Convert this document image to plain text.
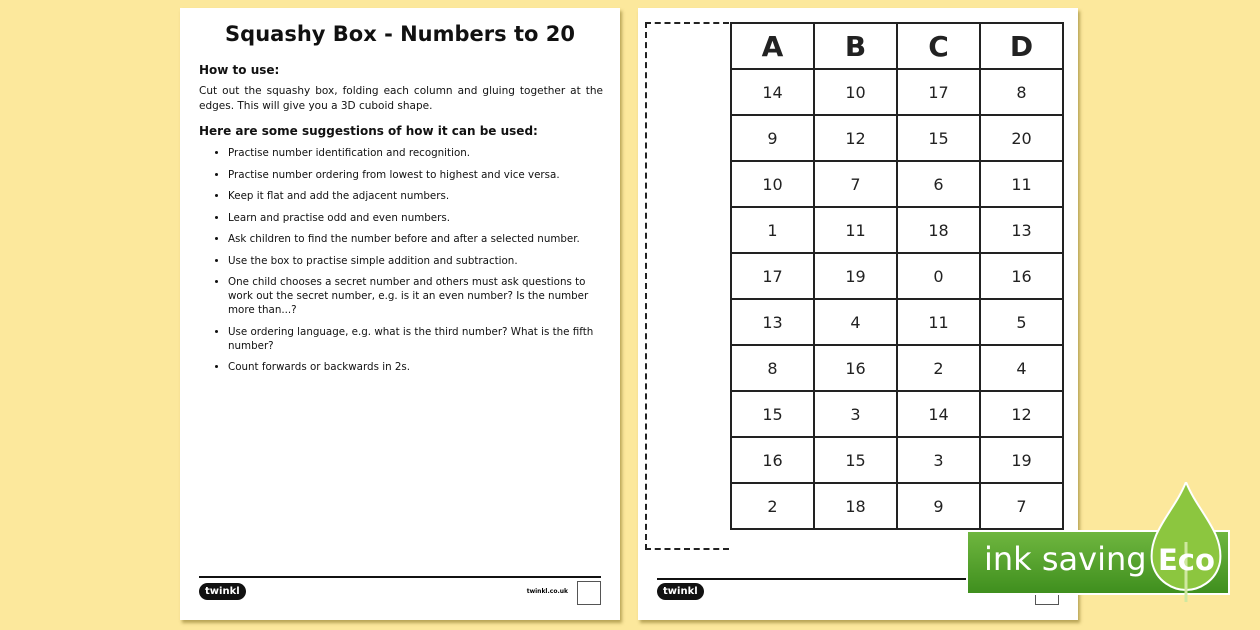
Squashy Box - Numbers to 20
How to use:
Cut out the squashy box, folding each column and gluing together at the edges. This will give you a 3D cuboid shape.
Here are some suggestions of how it can be used:
• Practise number identification and recognition.
• Practise number ordering from lowest to highest and vice versa.
• Keep it flat and add the adjacent numbers.
• Learn and practise odd and even numbers.
• Ask children to find the number before and after a selected number.
• Use the box to practise simple addition and subtraction.
• One child chooses a secret number and others must ask questions to work out the secret number, e.g. is it an even number? Is the number more than...?
• Use ordering language, e.g. what is the third number? What is the fifth number?
• Count forwards or backwards in 2s.
twinkl	twinkl.co.uk
A	B	C	D
14	10	17	8
9	12	15	20
10	7	6	11
1	11	18	13
17	19	0	16
13	4	11	5
8	16	2	4
15	3	14	12
16	15	3	19
2	18	9	7
twinkl
ink saving Eco
